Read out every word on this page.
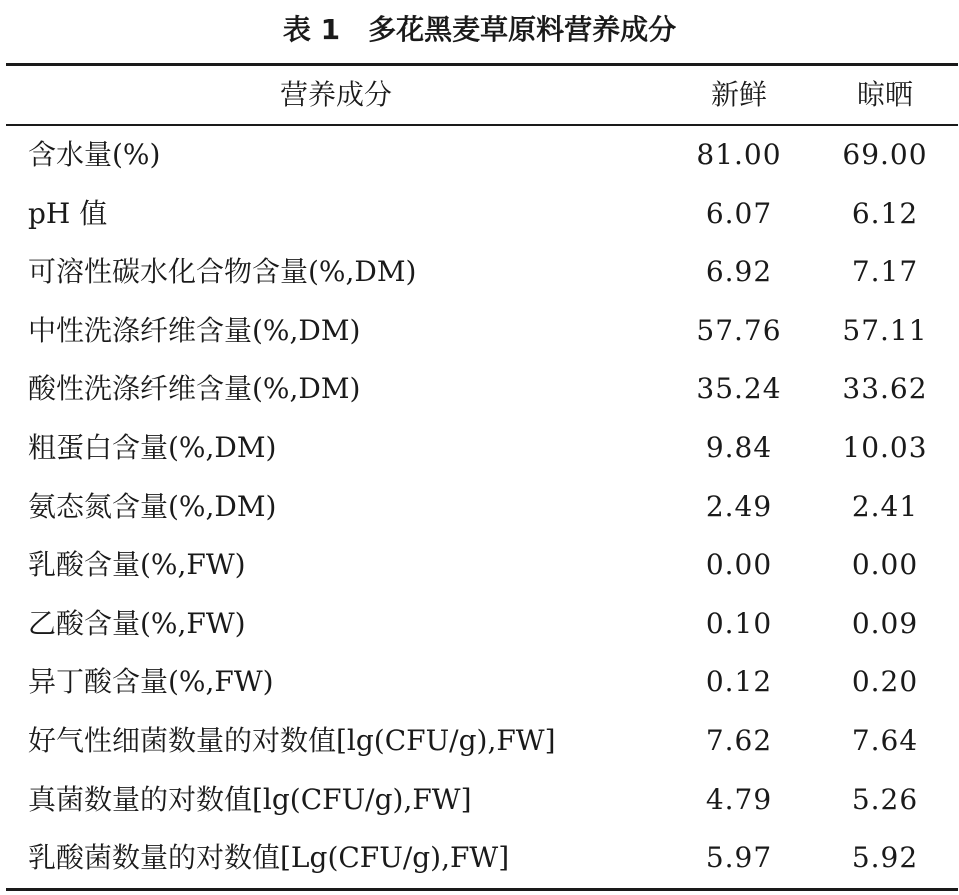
表 1　多花黑麦草原料营养成分
营养成分	新鲜	晾晒
含水量(%)	81.00	69.00
pH 值	6.07	6.12
可溶性碳水化合物含量(%,DM)	6.92	7.17
中性洗涤纤维含量(%,DM)	57.76	57.11
酸性洗涤纤维含量(%,DM)	35.24	33.62
粗蛋白含量(%,DM)	9.84	10.03
氨态氮含量(%,DM)	2.49	2.41
乳酸含量(%,FW)	0.00	0.00
乙酸含量(%,FW)	0.10	0.09
异丁酸含量(%,FW)	0.12	0.20
好气性细菌数量的对数值[lg(CFU/g),FW]	7.62	7.64
真菌数量的对数值[lg(CFU/g),FW]	4.79	5.26
乳酸菌数量的对数值[Lg(CFU/g),FW]	5.97	5.92
